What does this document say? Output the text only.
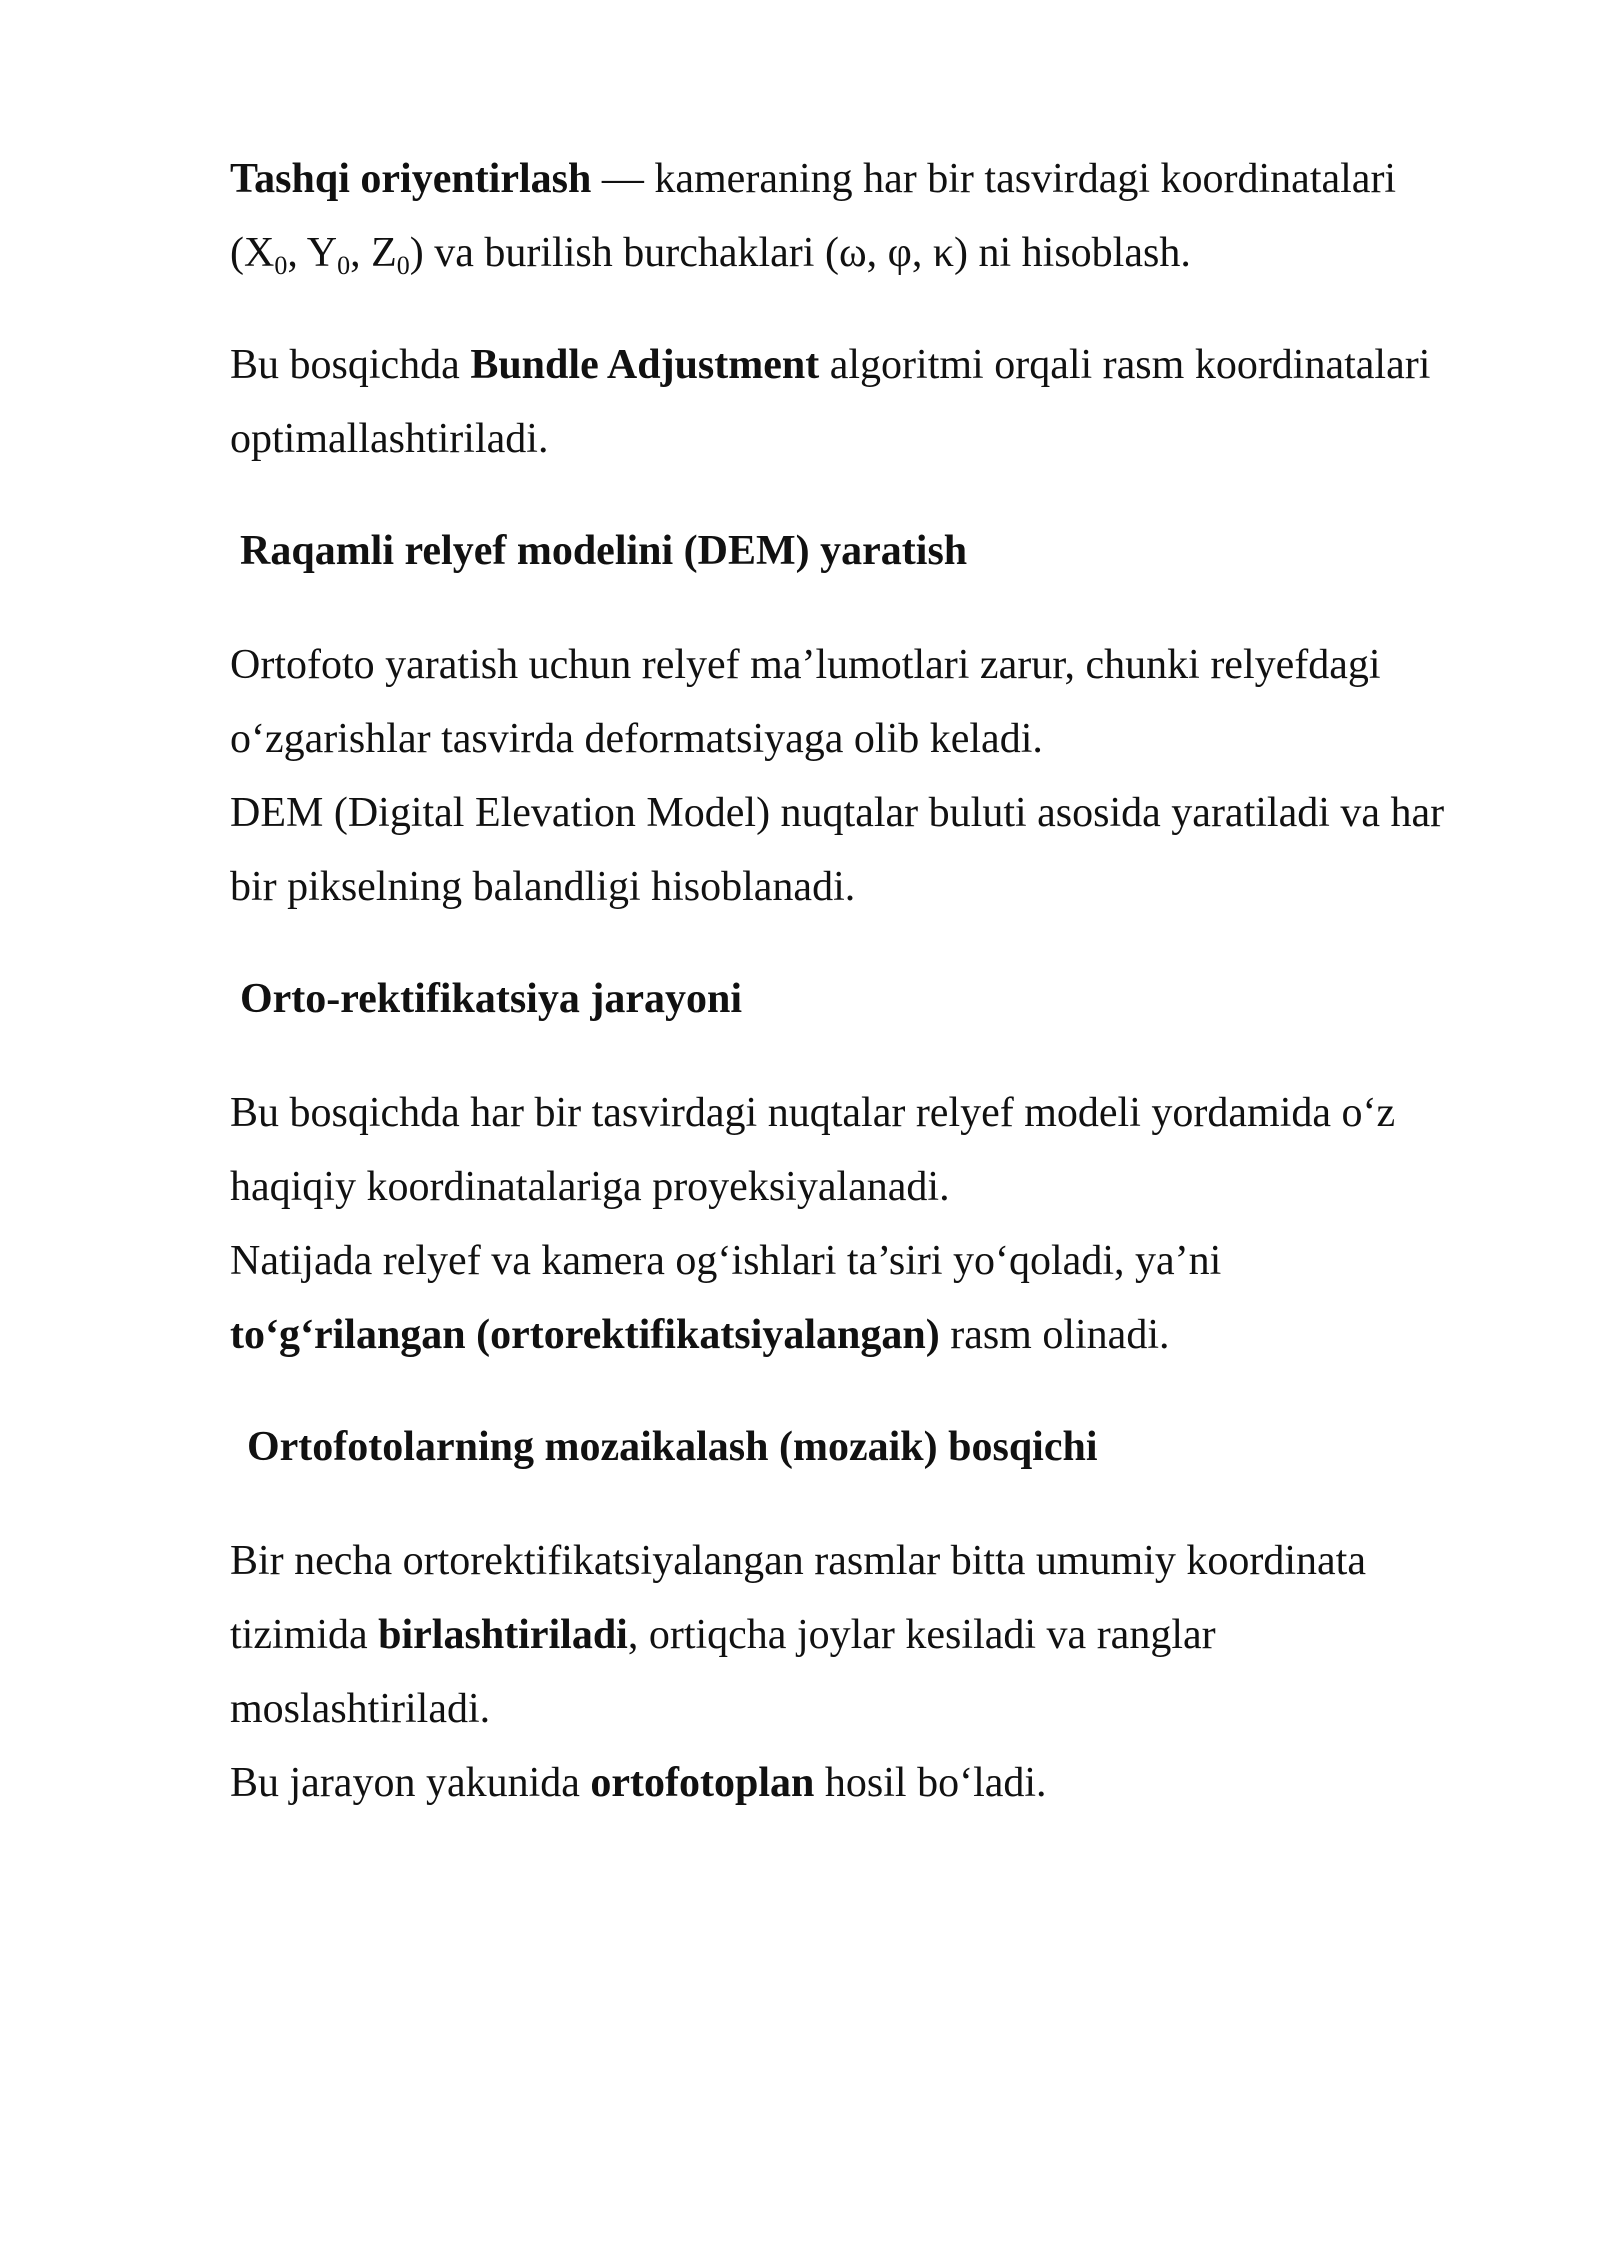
Tashqi oriyentirlash — kameraning har bir tasvirdagi koordinatalari
($X_0$, $Y_0$, $Z_0$) va burilish burchaklari (ω, φ, κ) ni hisoblash.

Bu bosqichda Bundle Adjustment algoritmi orqali rasm koordinatalari
optimallashtiriladi.

Raqamli relyef modelini (DEM) yaratish

Ortofoto yaratish uchun relyef ma’lumotlari zarur, chunki relyefdagi
o‘zgarishlar tasvirda deformatsiyaga olib keladi.
DEM (Digital Elevation Model) nuqtalar buluti asosida yaratiladi va har
bir pikselning balandligi hisoblanadi.

Orto-rektifikatsiya jarayoni

Bu bosqichda har bir tasvirdagi nuqtalar relyef modeli yordamida o‘z
haqiqiy koordinatalariga proyeksiyalanadi.
Natijada relyef va kamera og‘ishlari ta’siri yo‘qoladi, ya’ni
to‘g‘rilangan (ortorektifikatsiyalangan) rasm olinadi.

Ortofotolarning mozaikalash (mozaik) bosqichi

Bir necha ortorektifikatsiyalangan rasmlar bitta umumiy koordinata
tizimida birlashtiriladi, ortiqcha joylar kesiladi va ranglar
moslashtiriladi.
Bu jarayon yakunida ortofotoplan hosil bo‘ladi.
